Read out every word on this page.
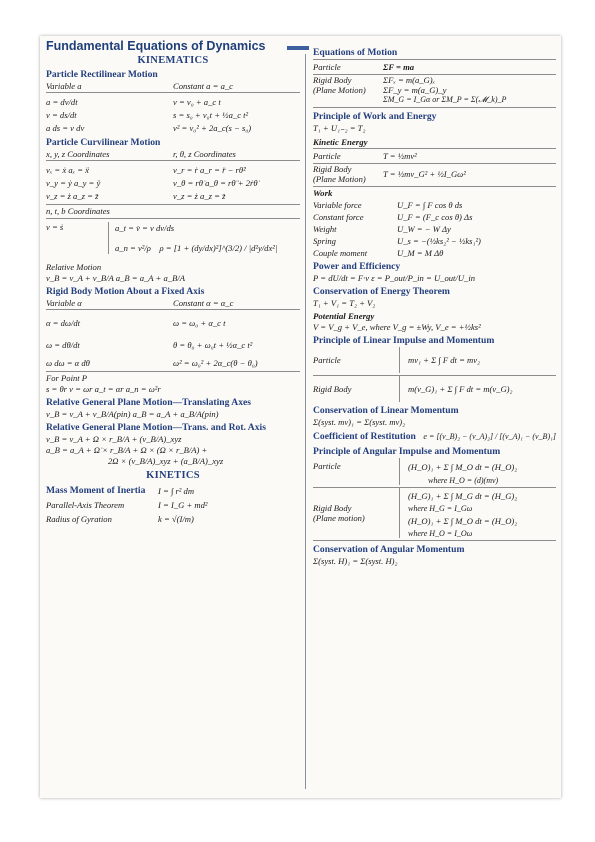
Fundamental Equations of Dynamics
KINEMATICS
Particle Rectilinear Motion
Variable a	Constant a = a_c
a = dv/dt	v = v₀ + a_c t
v = ds/dt	s = s₀ + v₀t + ½a_c t²
a ds = v dv	v² = v₀² + 2a_c(s − s₀)
Particle Curvilinear Motion
x, y, z Coordinates	r, θ, z Coordinates
vₓ = ẋ aₓ = ẍ	v_r = ṙ a_r = r̈ − rθ̇²
v_y = ẏ a_y = ÿ	v_θ = rθ̇ a_θ = rθ̈ + 2ṙθ̇
v_z = ż a_z = z̈	v_z = ż a_z = z̈
n, t, b Coordinates
v = ṡ	a_t = v̇ = v dv/ds
a_n = v²/ρ ρ = [1 + (dy/dx)²]^(3/2) / |d²y/dx²|
Relative Motion
v_B = v_A + v_B/A a_B = a_A + a_B/A
Rigid Body Motion About a Fixed Axis
Variable α	Constant α = α_c
α = dω/dt	ω = ω₀ + α_c t
ω = dθ/dt	θ = θ₀ + ω₀t + ½α_c t²
ω dω = α dθ	ω² = ω₀² + 2α_c(θ − θ₀)
For Point P
s = θr v = ωr a_t = αr a_n = ω²r
Relative General Plane Motion—Translating Axes
v_B = v_A + v_B/A(pin) a_B = a_A + a_B/A(pin)
Relative General Plane Motion—Trans. and Rot. Axis
v_B = v_A + Ω × r_B/A + (v_B/A)_xyz
a_B = a_A + Ω̇ × r_B/A + Ω × (Ω × r_B/A) +
2Ω × (v_B/A)_xyz + (a_B/A)_xyz
KINETICS
Mass Moment of Inertia	I = ∫ r² dm
Parallel-Axis Theorem	I = I_G + md²
Radius of Gyration	k = √(I/m)
Equations of Motion
Particle	ΣF = ma
Rigid Body
(Plane Motion)
ΣFₓ = m(a_G)ₓ
ΣF_y = m(a_G)_y
ΣM_G = I_Gα or ΣM_P = Σ(𝓜_k)_P
Principle of Work and Energy
T₁ + U₁₋₂ = T₂
Kinetic Energy
Particle	T = ½mv²
Rigid Body
(Plane Motion)	T = ½mv_G² + ½I_Gω²
Work
Variable force	U_F = ∫ F cos θ ds
Constant force	U_F = (F_c cos θ) Δs
Weight	U_W = − W Δy
Spring	U_s = −(½ks₂² − ½ks₁²)
Couple moment	U_M = M Δθ
Power and Efficiency
P = dU/dt = F·v ε = P_out/P_in = U_out/U_in
Conservation of Energy Theorem
T₁ + V₁ = T₂ + V₂
Potential Energy
V = V_g + V_e, where V_g = ±Wy, V_e = +½ks²
Principle of Linear Impulse and Momentum
Particle	mv₁ + Σ ∫ F dt = mv₂
Rigid Body	m(v_G)₁ + Σ ∫ F dt = m(v_G)₂
Conservation of Linear Momentum
Σ(syst. mv)₁ = Σ(syst. mv)₂
Coefficient of Restitution e = [(v_B)₂ − (v_A)₂] / [(v_A)₁ − (v_B)₁]
Principle of Angular Impulse and Momentum
Particle	(H_O)₁ + Σ ∫ M_O dt = (H_O)₂
where H_O = (d)(mv)
Rigid Body
(Plane motion)
(H_G)₁ + Σ ∫ M_G dt = (H_G)₂
where H_G = I_Gω
(H_O)₁ + Σ ∫ M_O dt = (H_O)₂
where H_O = I_Oω
Conservation of Angular Momentum
Σ(syst. H)₁ = Σ(syst. H)₂
